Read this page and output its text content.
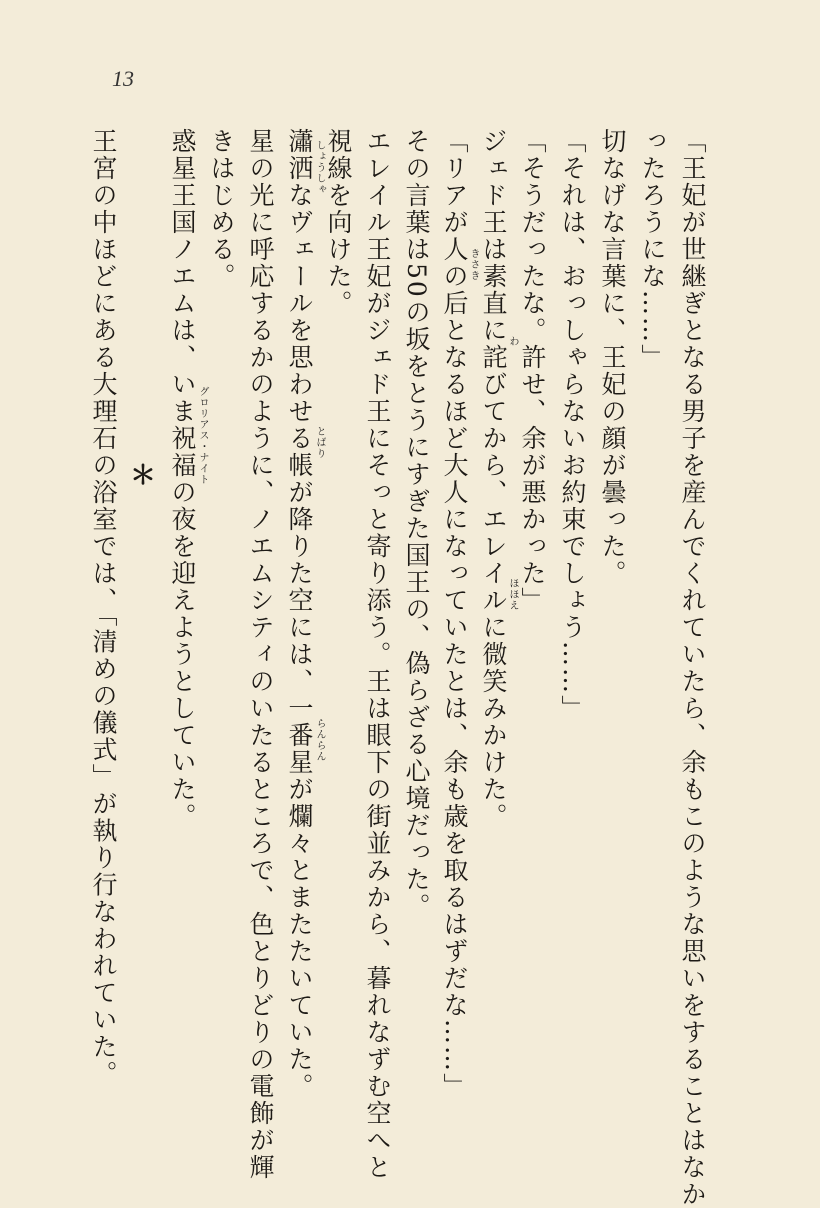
13
「王妃が世継ぎとなる男子を産んでくれていたら、余もこのような思いをすることはなか
ったろうにな……」
切なげな言葉に、王妃の顔が曇った。
「それは、おっしゃらないお約束でしょう……」
「そうだったな。許せ、余が悪かった」
ジェド王は素直に詫びてから、エレイルに微笑みかけた。
「リアが人の后となるほど大人になっていたとは、余も歳を取るはずだな……」
その言葉は50の坂をとうにすぎた国王の、偽らざる心境だった。
エレイル王妃がジェド王にそっと寄り添う。王は眼下の街並みから、暮れなずむ空へと
視線を向けた。
瀟洒なヴェールを思わせる帳が降りた空には、一番星が爛々とまたたいていた。
星の光に呼応するかのように、ノエムシティのいたるところで、色とりどりの電飾が輝
きはじめる。
惑星王国ノエムは、いま祝福の夜を迎えようとしていた。
王宮の中ほどにある大理石の浴室では、「清めの儀式」が執り行なわれていた。 ＊
しょうしゃ
とばり
らんらん
きさき
わ
ほほえ
グロリアス・ナイト
